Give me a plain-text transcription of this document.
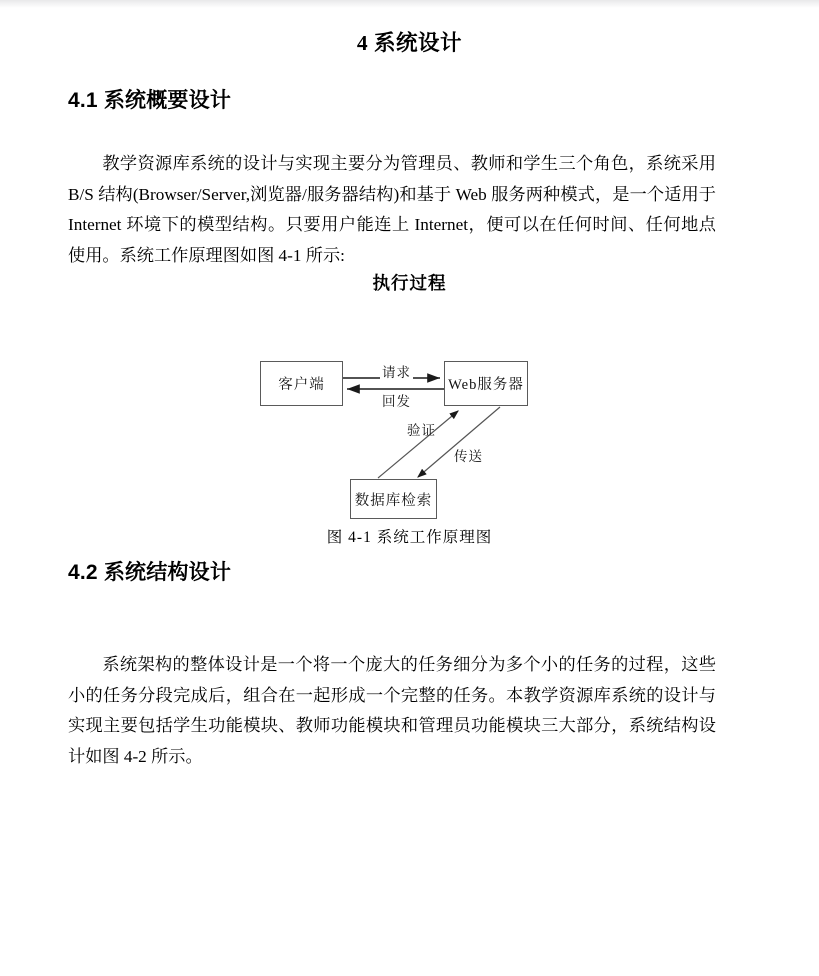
4 系统设计
4.1 系统概要设计

教学资源库系统的设计与实现主要分为管理员、教师和学生三个角色，系统采用 B/S 结构(Browser/Server,浏览器/服务器结构)和基于 Web 服务两种模式，是一个适用于 Internet 环境下的模型结构。只要用户能连上 Internet，便可以在任何时间、任何地点使用。系统工作原理图如图 4-1 所示:

执行过程

客户端	Web服务器
数据库检索
请求
回发
验证
传送

图 4-1 系统工作原理图

4.2 系统结构设计

系统架构的整体设计是一个将一个庞大的任务细分为多个小的任务的过程，这些小的任务分段完成后，组合在一起形成一个完整的任务。本教学资源库系统的设计与实现主要包括学生功能模块、教师功能模块和管理员功能模块三大部分，系统结构设计如图 4-2 所示。
